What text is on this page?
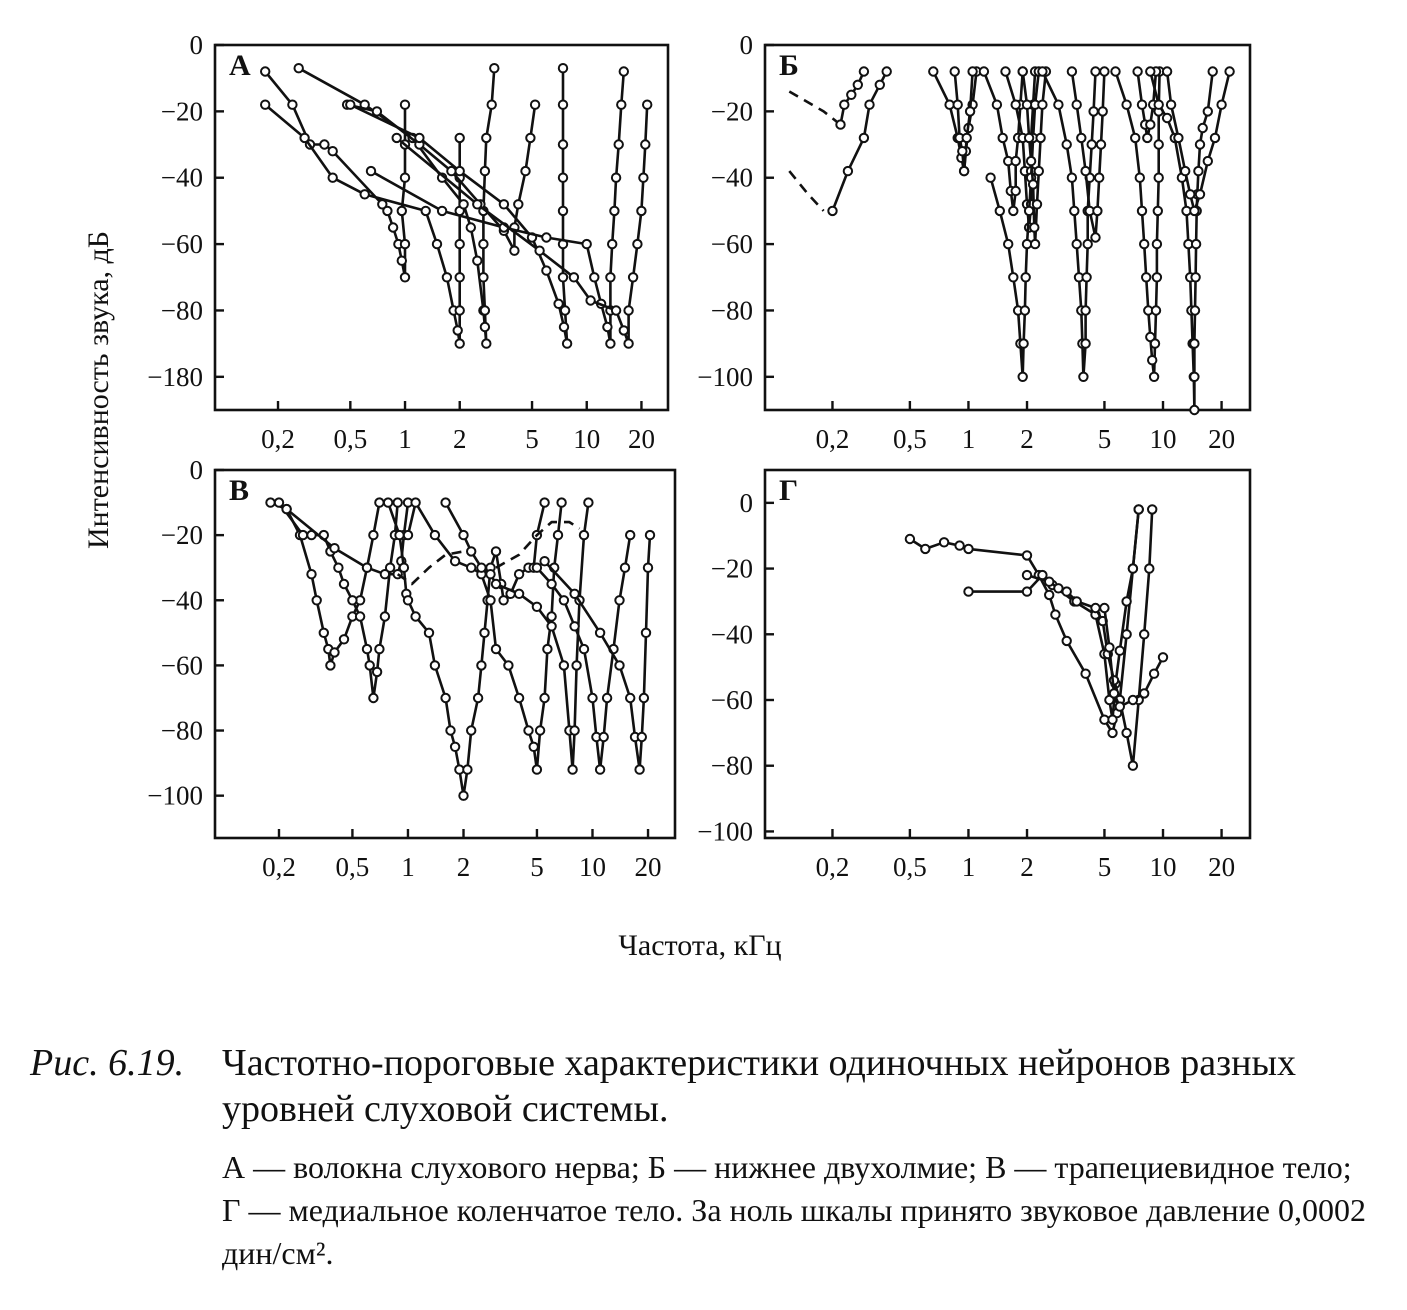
0
−20
−40
−60
−80
−180
0,2 0,5 1 2 5 10 20
А
0
−20
−40
−60
−80
−100
0,2 0,5 1 2 5 10 20
Б
0
−20
−40
−60
−80
−100
0,2 0,5 1 2 5 10 20
В	0
−20
−40
−60
−80
−100
0,2 0,5 1 2 5 10 20
Г
Интенсивность звука, дБ
Частота, кГц
Рис. 6.19. Частотно-пороговые характеристики одиночных нейронов разных уровней слуховой системы.
А — волокна слухового нерва; Б — нижнее двухолмие; В — трапециевидное тело; Г — медиальное коленчатое тело. За ноль шкалы принято звуковое давление 0,0002 дин/см².
